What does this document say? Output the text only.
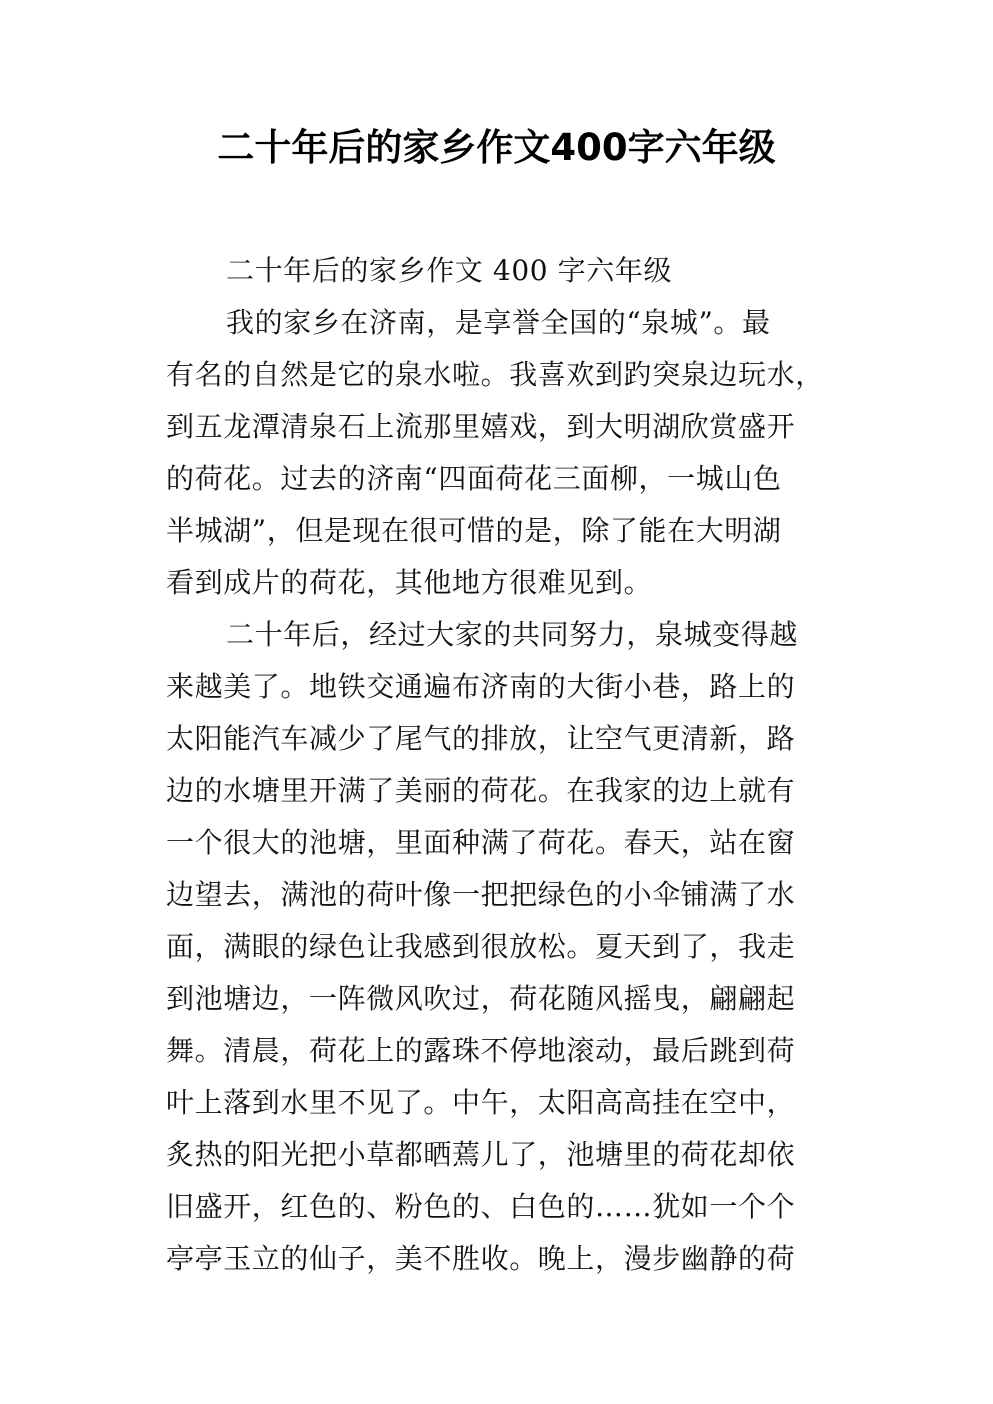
二十年后的家乡作文400字六年级
二十年后的家乡作文 400 字六年级
我的家乡在济南，是享誉全国的“泉城”。最
有名的自然是它的泉水啦。我喜欢到趵突泉边玩水，
到五龙潭清泉石上流那里嬉戏，到大明湖欣赏盛开
的荷花。过去的济南“四面荷花三面柳，一城山色
半城湖”，但是现在很可惜的是，除了能在大明湖
看到成片的荷花，其他地方很难见到。
二十年后，经过大家的共同努力，泉城变得越
来越美了。地铁交通遍布济南的大街小巷，路上的
太阳能汽车减少了尾气的排放，让空气更清新，路
边的水塘里开满了美丽的荷花。在我家的边上就有
一个很大的池塘，里面种满了荷花。春天，站在窗
边望去，满池的荷叶像一把把绿色的小伞铺满了水
面，满眼的绿色让我感到很放松。夏天到了，我走
到池塘边，一阵微风吹过，荷花随风摇曳，翩翩起
舞。清晨，荷花上的露珠不停地滚动，最后跳到荷
叶上落到水里不见了。中午，太阳高高挂在空中，
炙热的阳光把小草都晒蔫儿了，池塘里的荷花却依
旧盛开，红色的、粉色的、白色的……犹如一个个
亭亭玉立的仙子，美不胜收。晚上，漫步幽静的荷
